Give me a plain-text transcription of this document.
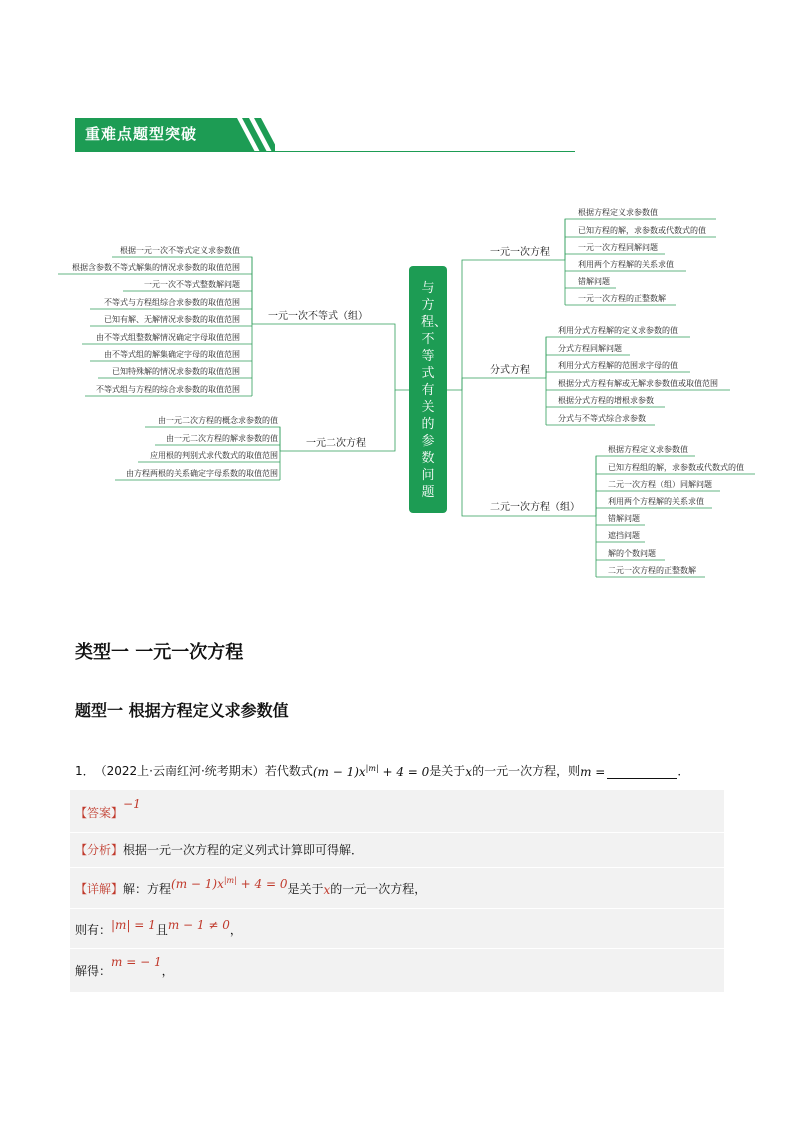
重难点题型突破
与方程、不等式有关的参数问题
一元一次方程
分式方程
二元一次方程（组）
根据方程定义求参数值
已知方程的解，求参数或代数式的值
一元一次方程同解问题
利用两个方程解的关系求值
错解问题
一元一次方程的正整数解
利用分式方程解的定义求参数的值
分式方程同解问题
利用分式方程解的范围求字母的值
根据分式方程有解或无解求参数值或取值范围
根据分式方程的增根求参数
分式与不等式综合求参数
根据方程定义求参数值
已知方程组的解，求参数或代数式的值
二元一次方程（组）同解问题
利用两个方程解的关系求值
错解问题
遮挡问题
解的个数问题
二元一次方程的正整数解
一元一次不等式（组）
一元二次方程
根据一元一次不等式定义求参数值
根据含参数不等式解集的情况求参数的取值范围
一元一次不等式整数解问题
不等式与方程组综合求参数的取值范围
已知有解、无解情况求参数的取值范围
由不等式组整数解情况确定字母取值范围
由不等式组的解集确定字母的取值范围
已知特殊解的情况求参数的取值范围
不等式组与方程的综合求参数的取值范围
由一元二次方程的概念求参数的值
由一元二次方程的解求参数的值
应用根的判别式求代数式的取值范围
由方程两根的关系确定字母系数的取值范围
类型一 一元一次方程
题型一 根据方程定义求参数值
1． （2022上·云南红河·统考期末） 若代数式 $(m - 1)x^{|m|} + 4 = 0$ 是关于 x 的一元一次方程，则 m =	．
【答案】
−1
【分析】 根据一元一次方程的定义列式计算即可得解．
【详解】 解：方程 $(m - 1)x^{|m|} + 4 = 0$ 是关于 x 的一元一次方程，
则有： |m| = 1 且 m − 1 ≠ 0 ，
解得：
m = − 1
，
